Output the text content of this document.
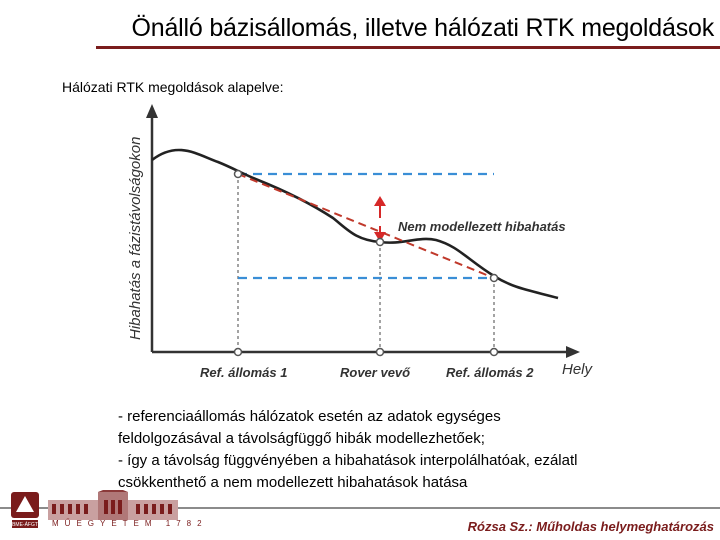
Önálló bázisállomás, illetve hálózati RTK megoldások
Hálózati RTK megoldások alapelve:
Hibahatás a fázistávolságokon	Nem modellezett hibahatás
Ref. állomás 1	Rover vevő	Ref. állomás 2 Hely

- referenciaállomás hálózatok esetén az adatok egységes

feldolgozásával a távolságfüggő hibák modellezhetőek;

- így a távolság függvényében a hibahatások interpolálhatóak, ezálatl

csökkenthető a nem modellezett hibahatások hatása

BME-ÁFGT MŰEGYETEM 1782	Rózsa Sz.: Műholdas helymeghatározás
